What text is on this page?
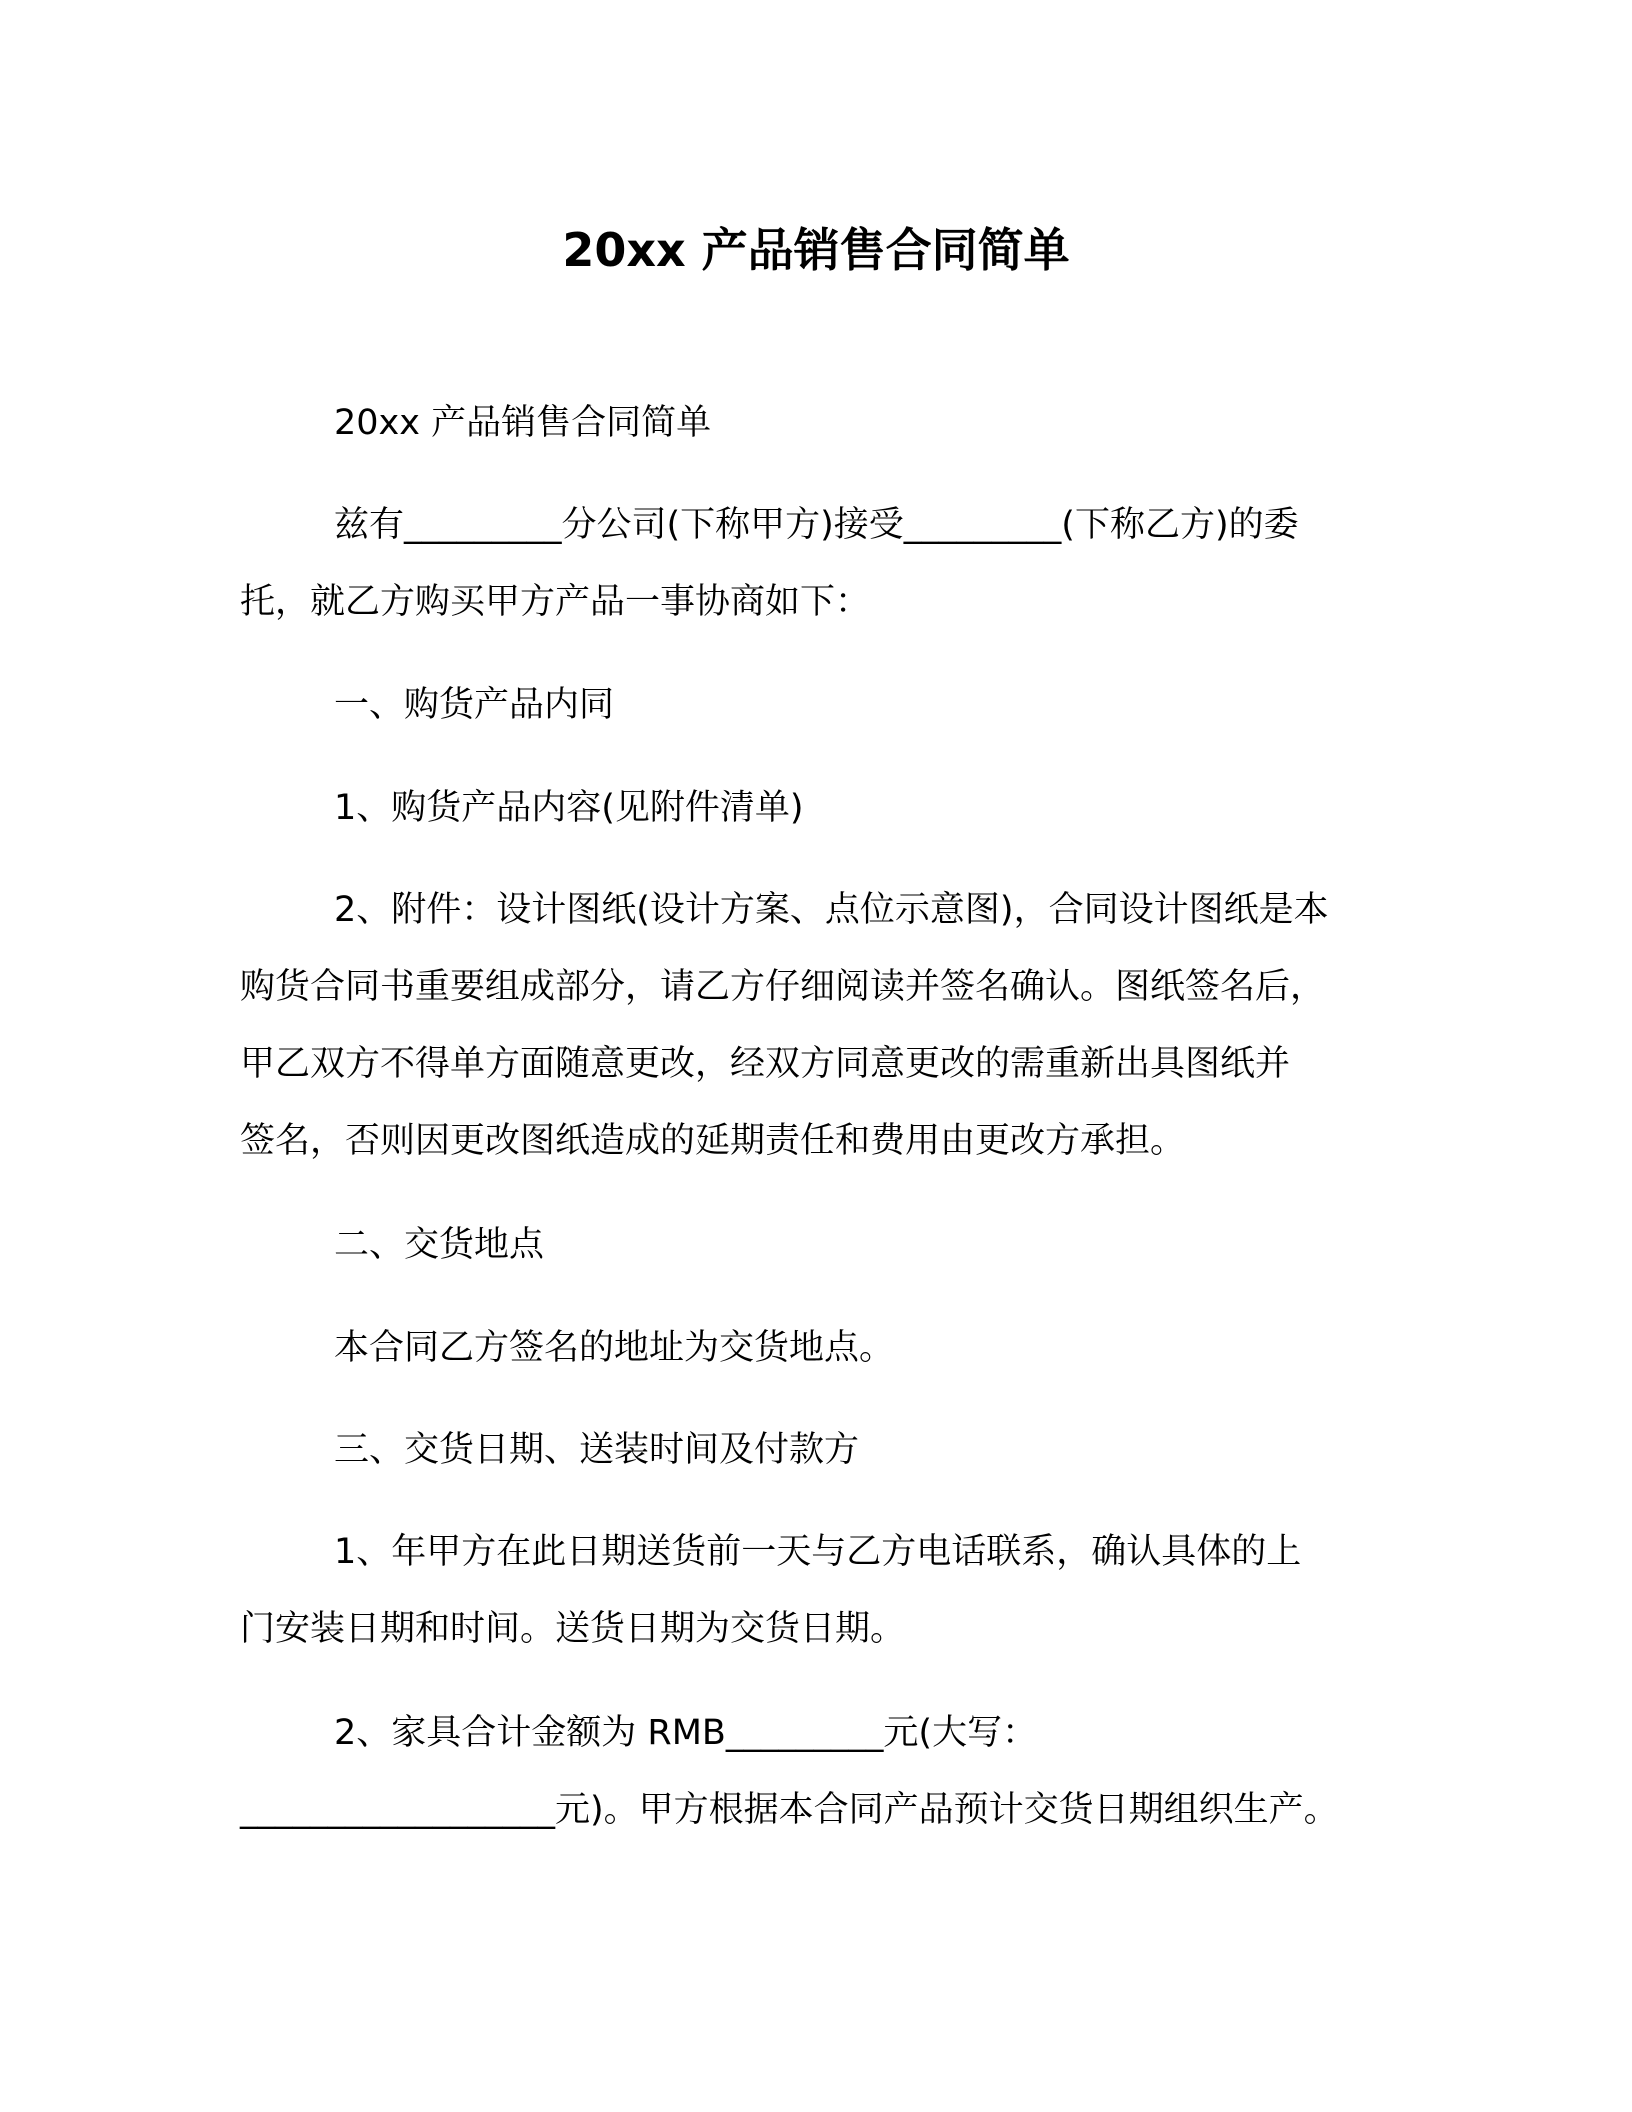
20xx 产品销售合同简单

20xx 产品销售合同简单

兹有_________分公司(下称甲方)接受_________(下称乙方)的委
托，就乙方购买甲方产品一事协商如下：

一、购货产品内同

1、购货产品内容(见附件清单)

2、附件：设计图纸(设计方案、点位示意图)，合同设计图纸是本
购货合同书重要组成部分，请乙方仔细阅读并签名确认。图纸签名后，
甲乙双方不得单方面随意更改，经双方同意更改的需重新出具图纸并
签名，否则因更改图纸造成的延期责任和费用由更改方承担。

二、交货地点

本合同乙方签名的地址为交货地点。

三、交货日期、送装时间及付款方

1、年甲方在此日期送货前一天与乙方电话联系，确认具体的上
门安装日期和时间。送货日期为交货日期。

2、家具合计金额为 RMB_________元(大写：
__________________元)。甲方根据本合同产品预计交货日期组织生产。
